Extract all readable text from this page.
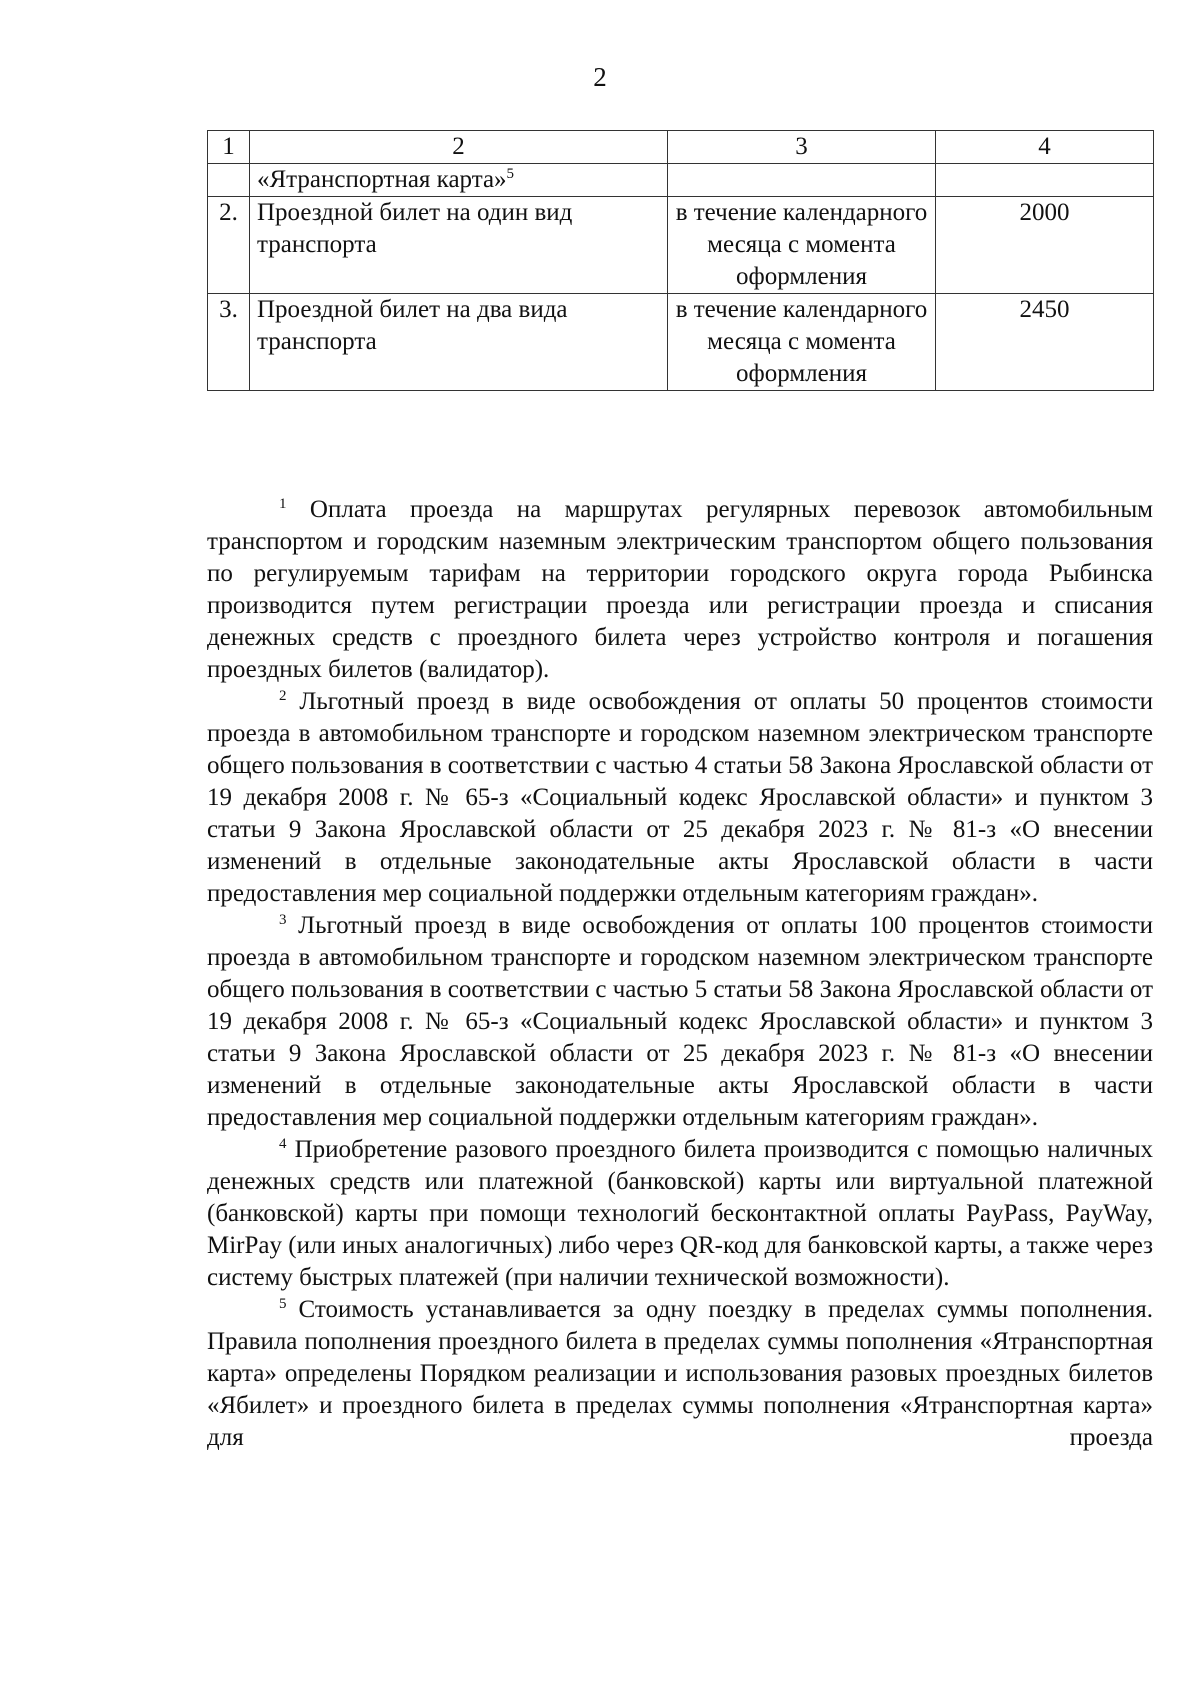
2
1	2	3	4
	«Ятранспортная карта»$^5$		
2.	Проездной билет на один вид транспорта	в течение календарного месяца с момента оформления	2000
3.	Проездной билет на два вида транспорта	в течение календарного месяца с момента оформления	2450

$^1$ Оплата проезда на маршрутах регулярных перевозок автомобильным транспортом и городским наземным электрическим транспортом общего пользования по регулируемым тарифам на территории городского округа города Рыбинска производится путем регистрации проезда или регистрации проезда и списания денежных средств с проездного билета через устройство контроля и погашения проездных билетов (валидатор).

$^2$ Льготный проезд в виде освобождения от оплаты 50 процентов стоимости проезда в автомобильном транспорте и городском наземном электрическом транспорте общего пользования в соответствии с частью 4 статьи 58 Закона Ярославской области от 19 декабря 2008 г. № 65-з «Социальный кодекс Ярославской области» и пунктом 3 статьи 9 Закона Ярославской области от 25 декабря 2023 г. № 81-з «О внесении изменений в отдельные законодательные акты Ярославской области в части предоставления мер социальной поддержки отдельным категориям граждан».

$^3$ Льготный проезд в виде освобождения от оплаты 100 процентов стоимости проезда в автомобильном транспорте и городском наземном электрическом транспорте общего пользования в соответствии с частью 5 статьи 58 Закона Ярославской области от 19 декабря 2008 г. № 65-з «Социальный кодекс Ярославской области» и пунктом 3 статьи 9 Закона Ярославской области от 25 декабря 2023 г. № 81-з «О внесении изменений в отдельные законодательные акты Ярославской области в части предоставления мер социальной поддержки отдельным категориям граждан».

$^4$ Приобретение разового проездного билета производится с помощью наличных денежных средств или платежной (банковской) карты или виртуальной платежной (банковской) карты при помощи технологий бесконтактной оплаты PayPass, PayWay, MirPay (или иных аналогичных) либо через QR-код для банковской карты, а также через систему быстрых платежей (при наличии технической возможности).

$^5$ Стоимость устанавливается за одну поездку в пределах суммы пополнения. Правила пополнения проездного билета в пределах суммы пополнения «Ятранспортная карта» определены Порядком реализации и использования разовых проездных билетов «Ябилет» и проездного билета в пределах суммы пополнения «Ятранспортная карта» для проезда
